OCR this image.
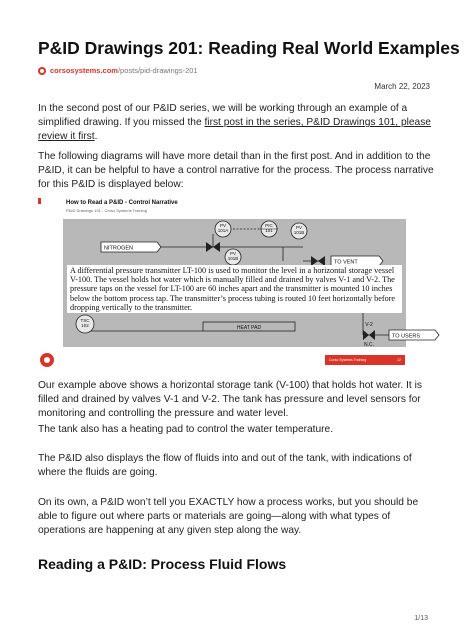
P&ID Drawings 201: Reading Real World Examples
corsosystems.com/posts/pid-drawings-201
March 22, 2023

In the second post of our P&ID series, we will be working through an example of a simplified drawing. If you missed the first post in the series, P&ID Drawings 101, please review it first.

The following diagrams will have more detail than in the first post. And in addition to the P&ID, it can be helpful to have a control narrative for the process. The process narrative for this P&ID is displayed below:

How to Read a P&ID - Control Narrative
P&ID Drawings 101 - Corso Systems Training
PV
101A
PIC
101
PV
101B
PV
101B
TSC
102
NITROGEN
TO VENT
TO USERS
HEAT PAD	V-2
N.C.
A differential pressure transmitter LT-100 is used to monitor the level in a horizontal storage vessel V-100. The vessel holds hot water which is manually filled and drained by valves V-1 and V-2. The pressure taps on the vessel for LT-100 are 60 inches apart and the transmitter is mounted 10 inches below the bottom process tap. The transmitter’s process tubing is routed 10 feet horizontally before dropping vertically to the transmitter.
Corso Systems Training	12

Our example above shows a horizontal storage tank (V-100) that holds hot water. It is filled and drained by valves V-1 and V-2. The tank has pressure and level sensors for monitoring and controlling the pressure and water level.

The tank also has a heating pad to control the water temperature.

The P&ID also displays the flow of fluids into and out of the tank, with indications of where the fluids are going.

On its own, a P&ID won’t tell you EXACTLY how a process works, but you should be able to figure out where parts or materials are going—along with what types of operations are happening at any given step along the way.

Reading a P&ID: Process Fluid Flows
1/13
